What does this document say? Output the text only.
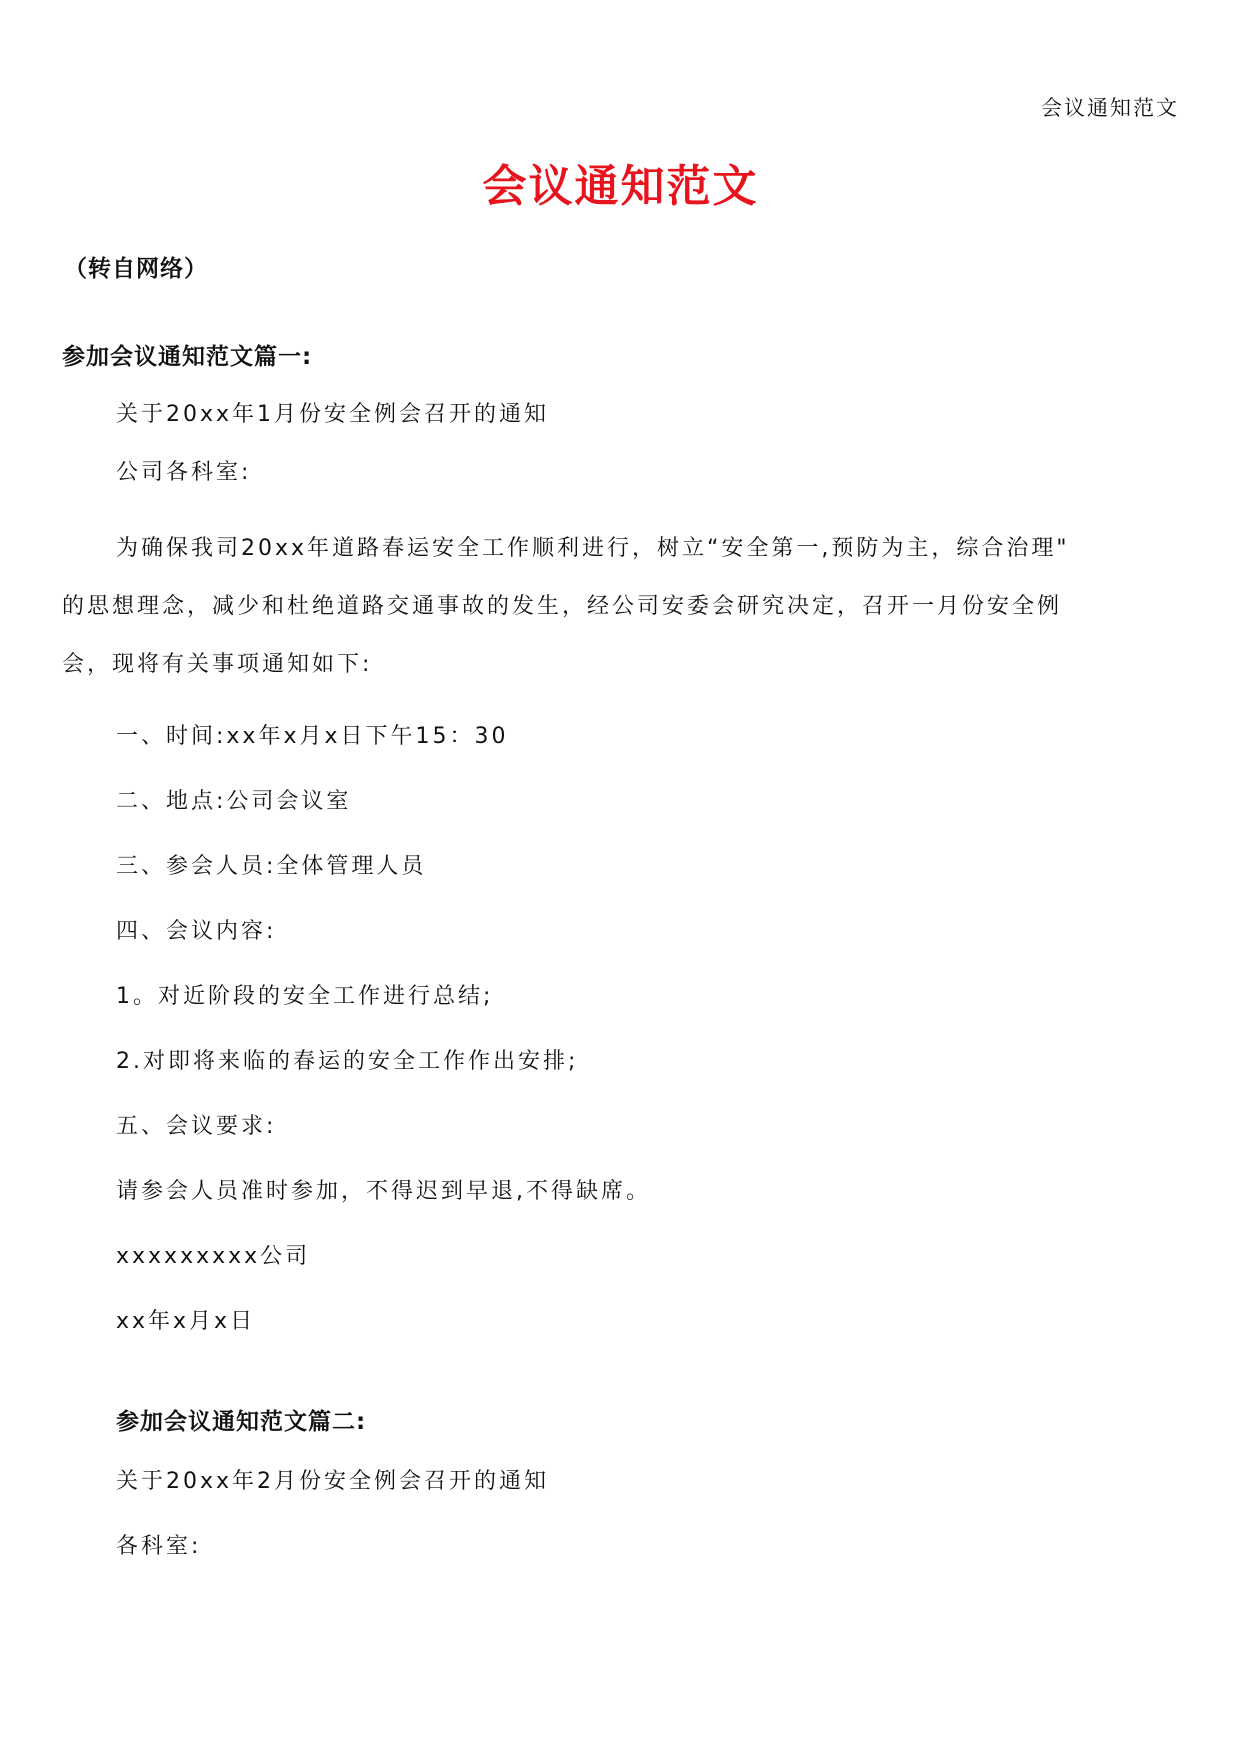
会议通知范文
会议通知范文
（转自网络）
参加会议通知范文篇一:
关于20xx年1月份安全例会召开的通知
公司各科室:
为确保我司20xx年道路春运安全工作顺利进行，树立“安全第一,预防为主，综合治理"
的思想理念，减少和杜绝道路交通事故的发生，经公司安委会研究决定，召开一月份安全例
会，现将有关事项通知如下:
一、时间:xx年x月x日下午15：30
二、地点:公司会议室
三、参会人员:全体管理人员
四、会议内容:
1。对近阶段的安全工作进行总结;
2.对即将来临的春运的安全工作作出安排;
五、会议要求:
请参会人员准时参加，不得迟到早退,不得缺席。
xxxxxxxxx公司
xx年x月x日
参加会议通知范文篇二:
关于20xx年2月份安全例会召开的通知
各科室:
